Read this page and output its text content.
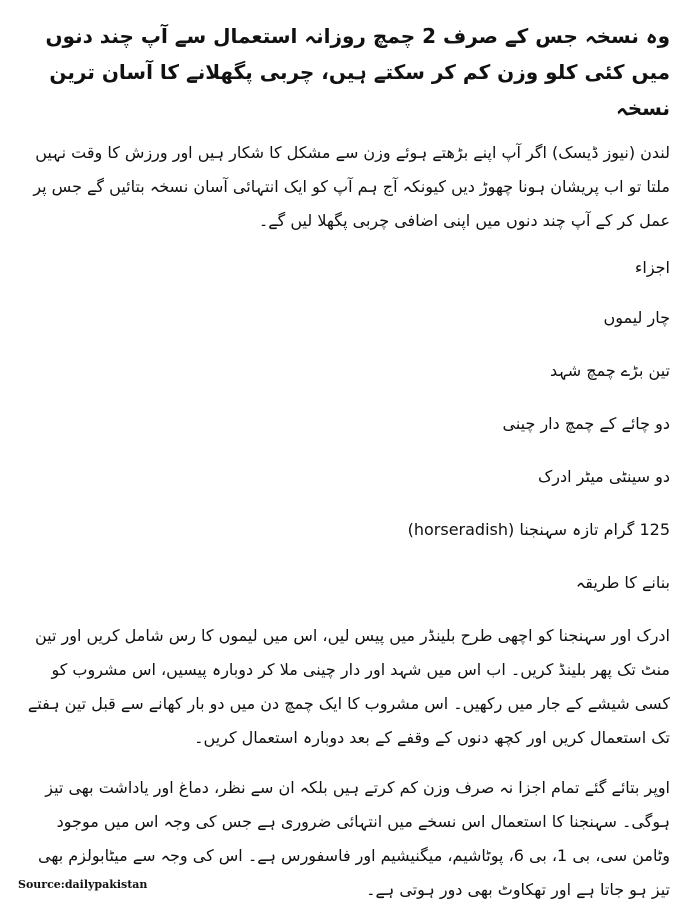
وہ نسخہ جس کے صرف 2 چمچ روزانہ استعمال سے آپ چند دنوں میں کئی کلو وزن کم کر سکتے ہیں، چربی پگھلانے کا آسان ترین نسخہ

لندن (نیوز ڈیسک) اگر آپ اپنے بڑھتے ہوئے وزن سے مشکل کا شکار ہیں اور ورزش کا وقت نہیں ملتا تو اب پریشان ہونا چھوڑ دیں کیونکہ آج ہم آپ کو ایک انتہائی آسان نسخہ بتائیں گے جس پر عمل کر کے آپ چند دنوں میں اپنی اضافی چربی پگھلا لیں گے۔

اجزاء
چار لیموں
تین بڑے چمچ شہد
دو چائے کے چمچ دار چینی
دو سینٹی میٹر ادرک
125 گرام تازہ سہنجنا (horseradish)
بنانے کا طریقہ

ادرک اور سہنجنا کو اچھی طرح بلینڈر میں پیس لیں، اس میں لیموں کا رس شامل کریں اور تین منٹ تک پھر بلینڈ کریں۔ اب اس میں شہد اور دار چینی ملا کر دوبارہ پیسیں، اس مشروب کو کسی شیشے کے جار میں رکھیں۔ اس مشروب کا ایک چمچ دن میں دو بار کھانے سے قبل تین ہفتے تک استعمال کریں اور کچھ دنوں کے وقفے کے بعد دوبارہ استعمال کریں۔

اوپر بتائے گئے تمام اجزا نہ صرف وزن کم کرتے ہیں بلکہ ان سے نظر، دماغ اور یاداشت بھی تیز ہوگی۔ سہنجنا کا استعمال اس نسخے میں انتہائی ضروری ہے جس کی وجہ اس میں موجود وٹامن سی، بی 1، بی 6، پوٹاشیم، میگنیشیم اور فاسفورس ہے۔ اس کی وجہ سے میٹابولزم بھی تیز ہو جاتا ہے اور تھکاوٹ بھی دور ہوتی ہے۔

Source:dailypakistan
